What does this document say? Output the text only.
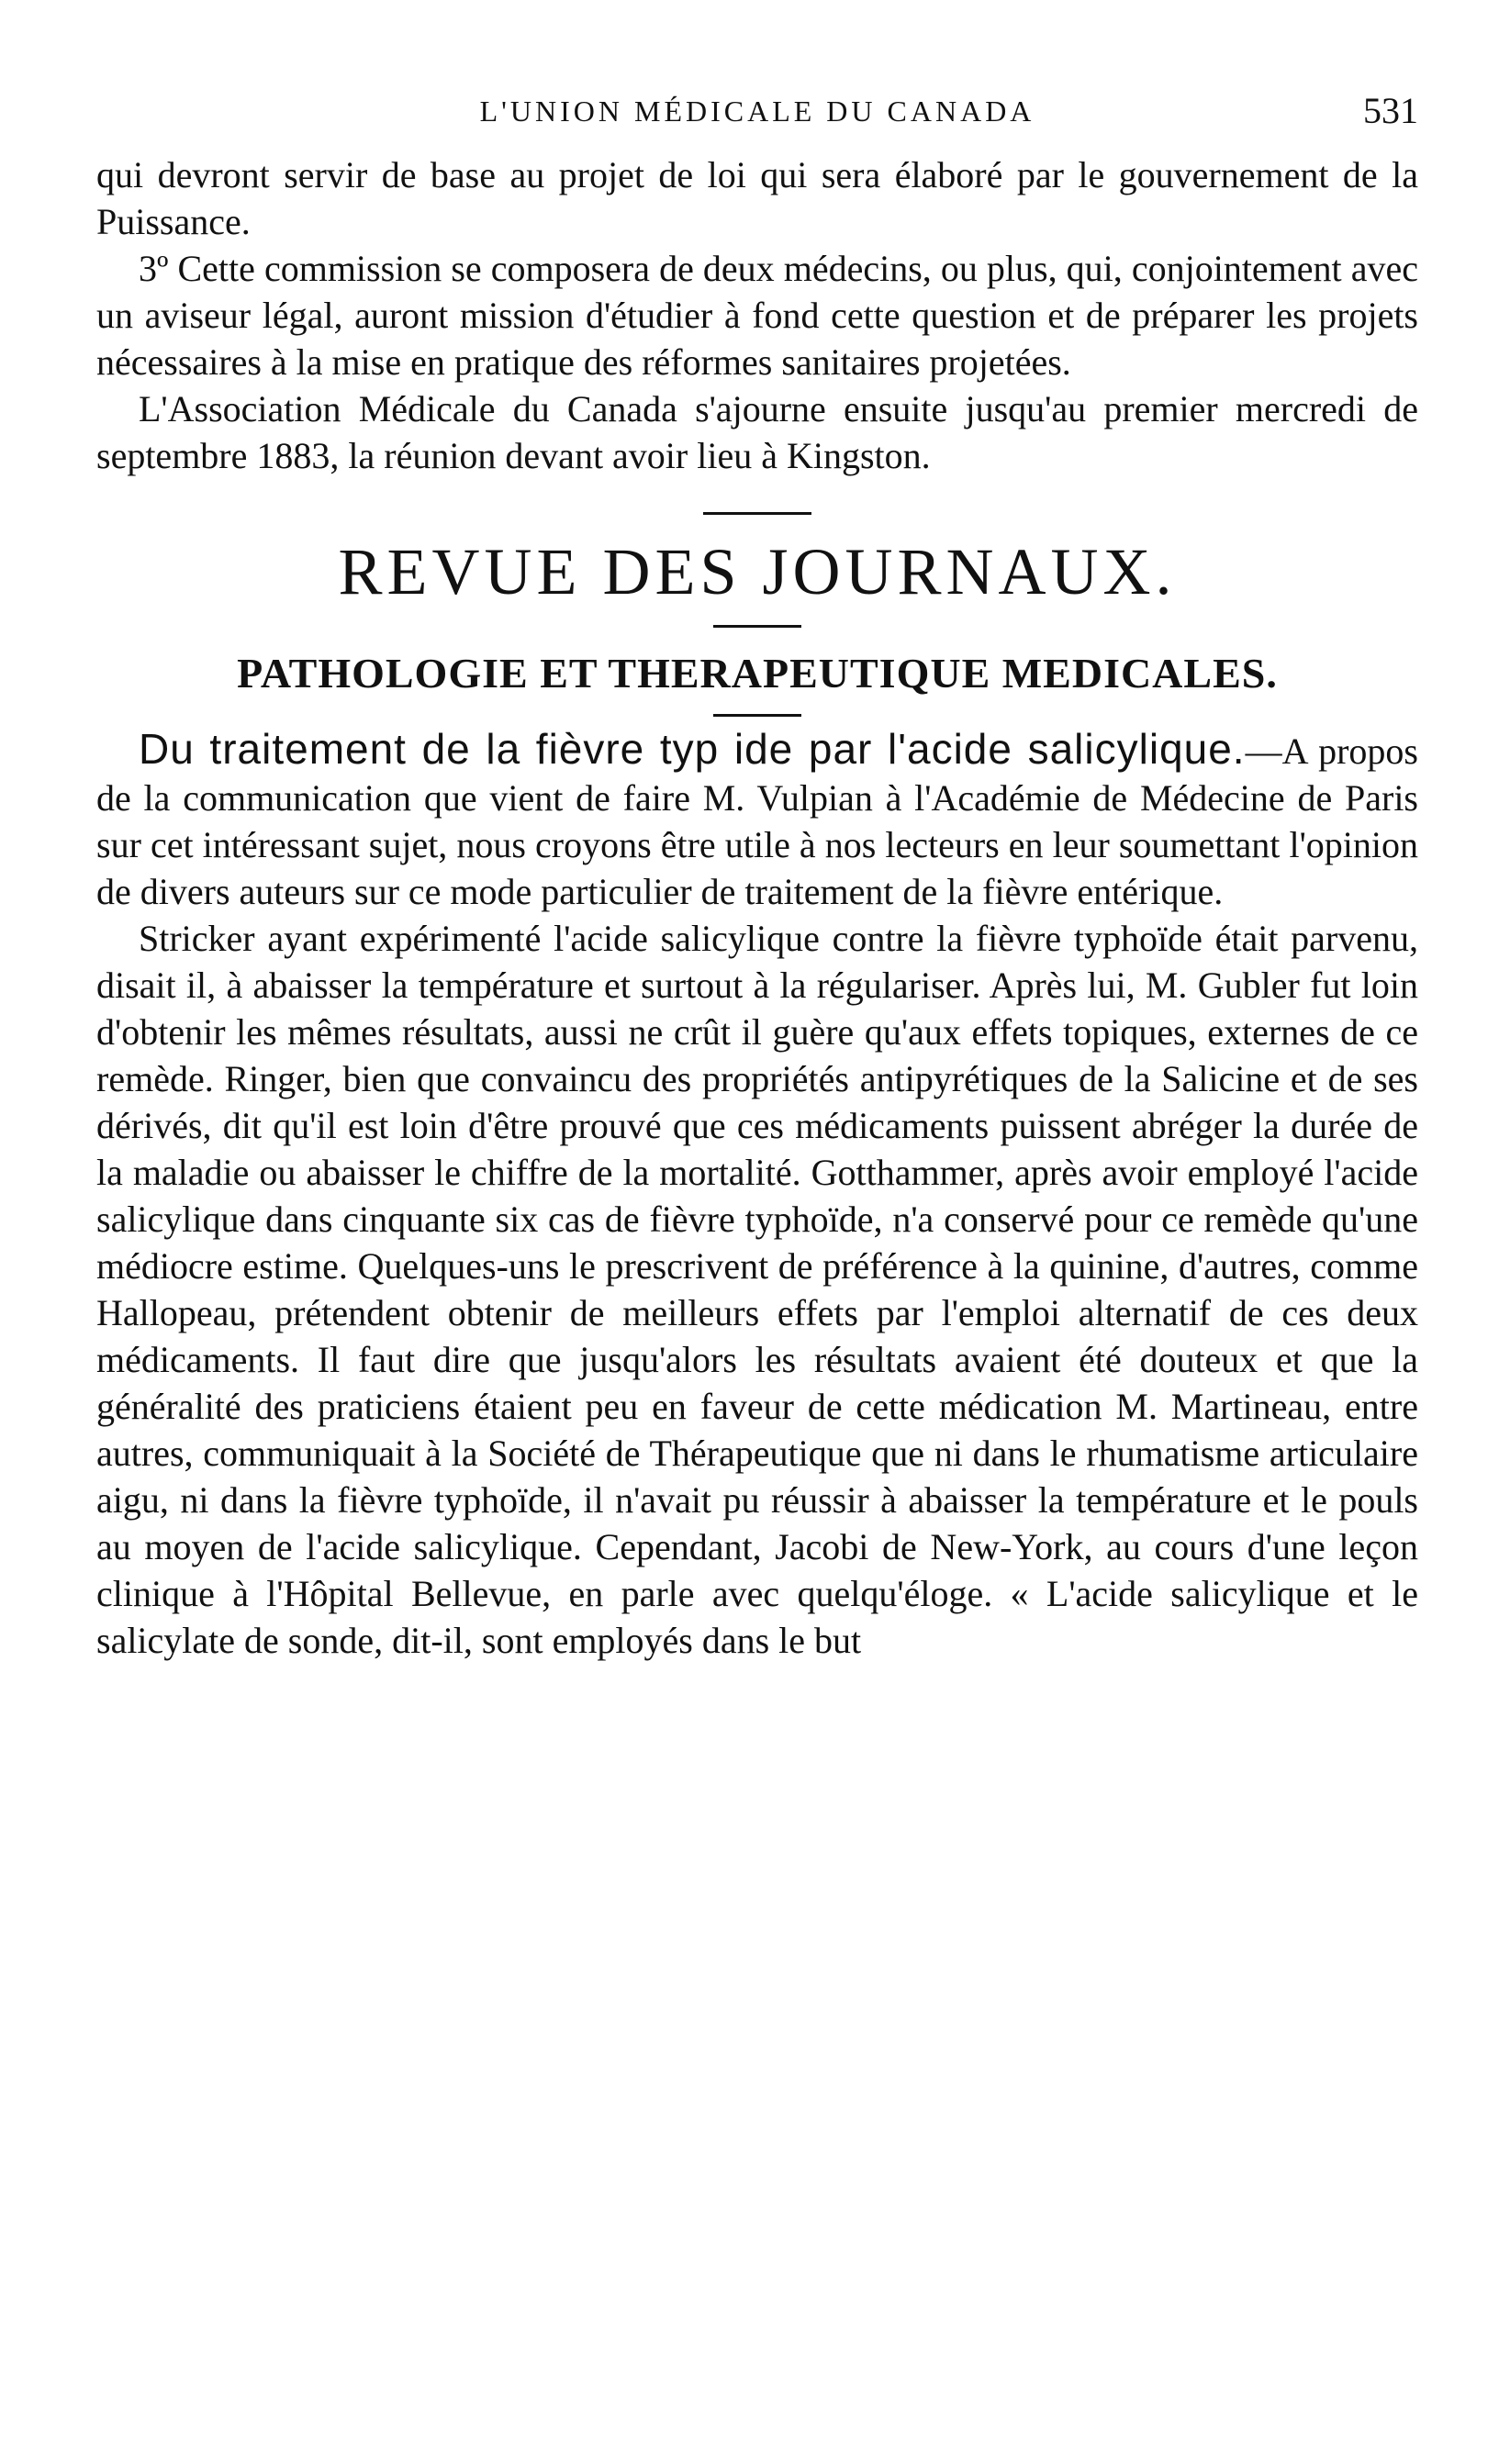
L'UNION MÉDICALE DU CANADA	531

qui devront servir de base au projet de loi qui sera élaboré par le gouvernement de la Puissance.

3º Cette commission se composera de deux médecins, ou plus, qui, conjointement avec un aviseur légal, auront mission d'étudier à fond cette question et de préparer les projets nécessaires à la mise en pratique des réformes sanitaires projetées.

L'Association Médicale du Canada s'ajourne ensuite jusqu'au premier mercredi de septembre 1883, la réunion devant avoir lieu à Kingston.

REVUE DES JOURNAUX.
PATHOLOGIE ET THERAPEUTIQUE MEDICALES.

Du traitement de la fièvre typ ide par l'acide salicylique.—A propos de la communication que vient de faire M. Vulpian à l'Académie de Médecine de Paris sur cet intéressant sujet, nous croyons être utile à nos lecteurs en leur soumettant l'opinion de divers auteurs sur ce mode particulier de traitement de la fièvre entérique.

Stricker ayant expérimenté l'acide salicylique contre la fièvre typhoïde était parvenu, disait il, à abaisser la température et surtout à la régulariser. Après lui, M. Gubler fut loin d'obtenir les mêmes résultats, aussi ne crût il guère qu'aux effets topiques, externes de ce remède. Ringer, bien que convaincu des propriétés antipyrétiques de la Salicine et de ses dérivés, dit qu'il est loin d'être prouvé que ces médicaments puissent abréger la durée de la maladie ou abaisser le chiffre de la mortalité. Gotthammer, après avoir employé l'acide salicylique dans cinquante six cas de fièvre typhoïde, n'a conservé pour ce remède qu'une médiocre estime. Quelques-uns le prescrivent de préférence à la quinine, d'autres, comme Hallopeau, prétendent obtenir de meilleurs effets par l'emploi alternatif de ces deux médicaments. Il faut dire que jusqu'alors les résultats avaient été douteux et que la généralité des praticiens étaient peu en faveur de cette médication M. Martineau, entre autres, communiquait à la Société de Thérapeutique que ni dans le rhumatisme articulaire aigu, ni dans la fièvre typhoïde, il n'avait pu réussir à abaisser la température et le pouls au moyen de l'acide salicylique. Cependant, Jacobi de New-York, au cours d'une leçon clinique à l'Hôpital Bellevue, en parle avec quelqu'éloge. « L'acide salicylique et le salicylate de sonde, dit-il, sont employés dans le but
